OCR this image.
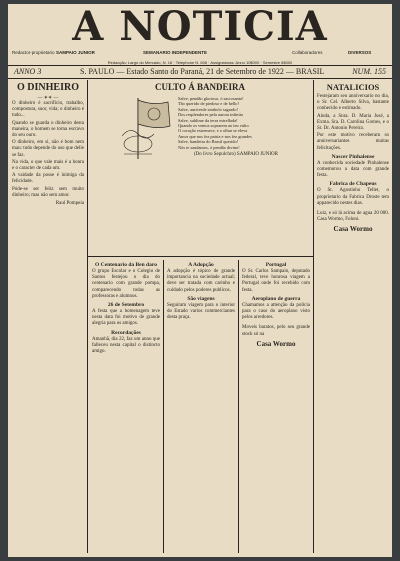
A NOTICIA
Redactor-proprietario SAMPAIO JUNIOR	SEMANARIO INDEPENDENTE	Collaboradores	DIVERSOS
Redacção: Largo do Mercado, N. 16 · Telephone N. 606 · Assignaturas: Anno 10$000 · Semestre 6$000
ANNO 3	S. PAULO — Estado Santo do Paraná, 21 de Setembro de 1922 — BRASIL	NUM. 155
O DINHEIRO
— ✶✶ —

O dinheiro é sacrificio, trabalho, compostura, suor, vida; o dinheiro é tudo...

Quando se guarda o dinheiro desta maneira, o homem se torna escravo do seu ouro.

O dinheiro, em si, não é bom nem mau: tudo depende do uso que delle se faz.

Na vida, o que vale mais é a honra e o caracter de cada um.

A vaidade da posse é inimiga da felicidade.

Póde-se ser feliz sem muito dinheiro; mas não sem amor.

Raul Pompeia
CULTO Á BANDEIRA
Salve, pendão glorioso, ó sacrosanto!
Tão querido de piedoso e de bello!
Salve, auriverde simbolo sagrado!
Dos resplendores pela aurora infinita
Salve, sublime da terra estrellada!
Quando os ventos soprarem ao teu vulto
O coração estremece, e o olhar se eleva
Amor que nos fez patria e nos fez grandes
Salve, bandeira do Brasil querido!
Nós te saudamos, ó pendão divino!
(Do livro Sepulchro) SAMPAIO JUNIOR
O Centenario da Ben daro
O grupo Escolar e o Colegio de Santos festejou o dia do centenario com grande pompa, comparecendo todas as professoras e alumnos.
26 de Setembro
A festa que a homenagem teve nesta data foi motivo de grande alegria para os amigos.
Recordações
Amanhã, dia 22, faz um anno que falleceu nesta capital o distincto amigo.
A Adopção
A adopção é tópico de grande importancia na sociedade actual; deve ser tratada com carinho e cuidado pelos poderes publicos.
São viagens
Seguiram viagem para o interior do Estado varios commerciantes desta praça.
Portugal
O Sr. Carlos Sampaio, deputado federal, teve honrosa viagem a Portugal onde foi recebido com festa.
Aeroplano de guerra
Chamamos a attenção da policia para o caso do aeroplano visto pelos arredores.
Moveis baratos, pelo seu grande stock só na
Casa Wormo
NATALICIOS

Festejaram seu anniversario no dia, o Sr. Cel. Alberto Silva, bastante conhecido e estimado.

Ainda, a Snra. D. Maria José, a Exma. Sra. D. Carolina Gomes, e o Sr. Dr. Antonio Pereira.

Por este motivo receberam os anniversariantes muitas felicitações.

Nascer Pinhalense
A conhecida sociedade Pinhalense comemorou a data com grande festa.
Fabrica de Chapeus
O Sr. Agostinho Tellet, o proprietario da Fabrica Droste tem apparecido nestes dias.
Luiz, e só lá acima de agua 20 000. Casa Wormo, Foloni.
Casa Wormo
